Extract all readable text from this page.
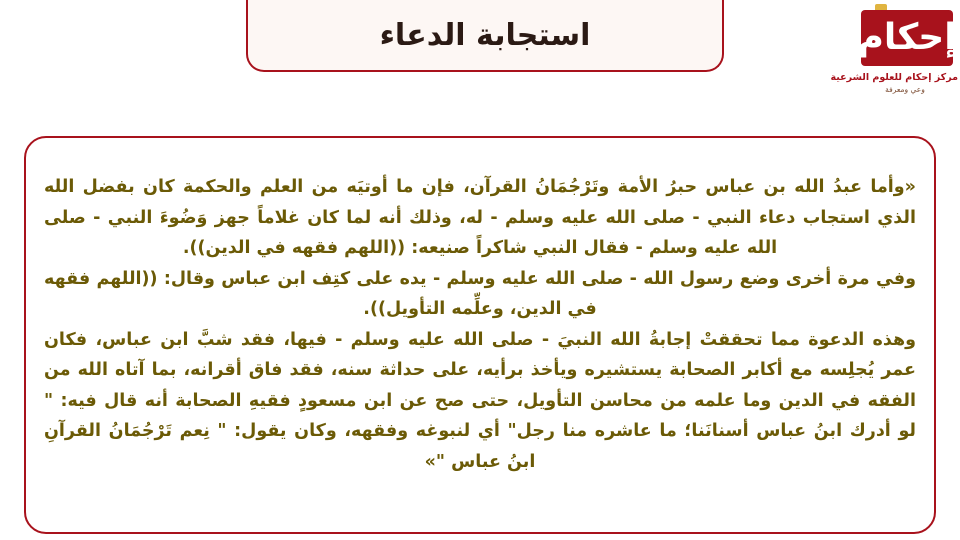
استجابة الدعاء	إحكام
مركز إحكام للعلوم الشرعية
وعي ومعرفة

«وأما عبدُ الله بن عباس حبرُ الأمة وتَرْجُمَانُ القرآن، فإن ما أوتيَه من العلم والحكمة كان بفضل الله الذي استجاب دعاء النبي - صلى الله عليه وسلم - له، وذلك أنه لما كان غلاماً جهز وَضُوءَ النبي - صلى الله عليه وسلم - فقال النبي شاكراً صنيعه: ((اللهم فقهه في الدين)).

وفي مرة أخرى وضع رسول الله - صلى الله عليه وسلم - يده على كتِف ابن عباس وقال: ((اللهم فقهه في الدين، وعلِّمه التأويل)).

وهذه الدعوة مما تحققتْ إجابةُ الله النبيَ - صلى الله عليه وسلم - فيها، فقد شبَّ ابن عباس، فكان عمر يُجلِسه مع أكابر الصحابة يستشيره ويأخذ برأيه، على حداثة سنه، فقد فاق أقرانه، بما آتاه الله من الفقه في الدين وما علمه من محاسن التأويل، حتى صح عن ابن مسعودٍ فقيهِ الصحابة أنه قال فيه: " لو أدرك ابنُ عباس أسنانَنا؛ ما عاشره منا رجل" أي لنبوغه وفقهه، وكان يقول: " نِعم تَرْجُمَانُ القرآنِ ابنُ عباس "»
